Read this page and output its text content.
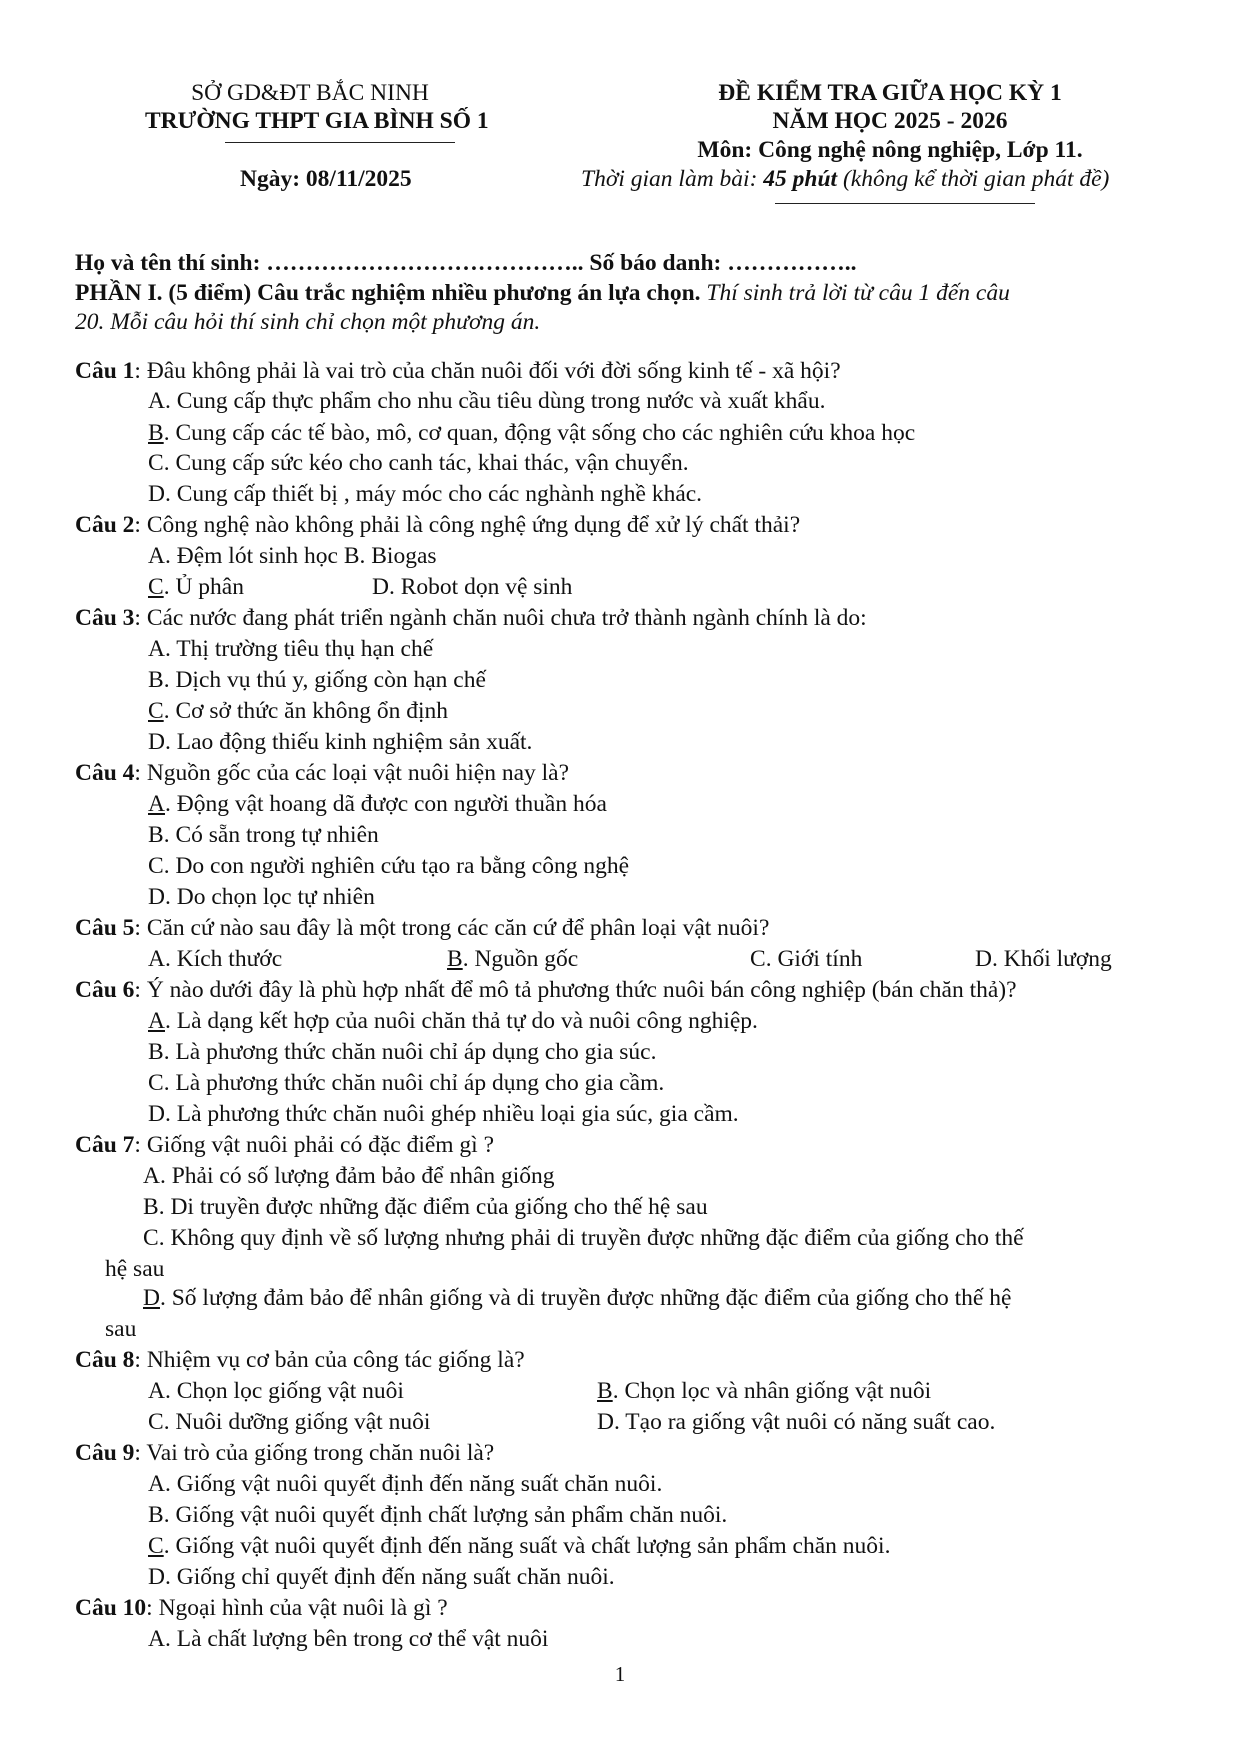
SỞ GD&ĐT BẮC NINH
TRƯỜNG THPT GIA BÌNH SỐ 1
Ngày: 08/11/2025
ĐỀ KIỂM TRA GIỮA HỌC KỲ 1
NĂM HỌC 2025 - 2026
Môn: Công nghệ nông nghiệp, Lớp 11.
Thời gian làm bài: 45 phút (không kể thời gian phát đề)
Họ và tên thí sinh: ………………………………….. Số báo danh: ……………..
PHẦN I. (5 điểm) Câu trắc nghiệm nhiều phương án lựa chọn. Thí sinh trả lời từ câu 1 đến câu
20. Mỗi câu hỏi thí sinh chỉ chọn một phương án.
Câu 1: Đâu không phải là vai trò của chăn nuôi đối với đời sống kinh tế - xã hội?
A. Cung cấp thực phẩm cho nhu cầu tiêu dùng trong nước và xuất khẩu.
B. Cung cấp các tế bào, mô, cơ quan, động vật sống cho các nghiên cứu khoa học
C. Cung cấp sức kéo cho canh tác, khai thác, vận chuyển.
D. Cung cấp thiết bị , máy móc cho các nghành nghề khác.
Câu 2: Công nghệ nào không phải là công nghệ ứng dụng để xử lý chất thải?
A. Đệm lót sinh học B. Biogas
C. Ủ phân	D. Robot dọn vệ sinh
Câu 3: Các nước đang phát triển ngành chăn nuôi chưa trở thành ngành chính là do:
A. Thị trường tiêu thụ hạn chế
B. Dịch vụ thú y, giống còn hạn chế
C. Cơ sở thức ăn không ổn định
D. Lao động thiếu kinh nghiệm sản xuất.
Câu 4: Nguồn gốc của các loại vật nuôi hiện nay là?
A. Động vật hoang dã được con người thuần hóa
B. Có sẵn trong tự nhiên
C. Do con người nghiên cứu tạo ra bằng công nghệ
D. Do chọn lọc tự nhiên
Câu 5: Căn cứ nào sau đây là một trong các căn cứ để phân loại vật nuôi?
A. Kích thước	B. Nguồn gốc	C. Giới tính	D. Khối lượng
Câu 6: Ý nào dưới đây là phù hợp nhất để mô tả phương thức nuôi bán công nghiệp (bán chăn thả)?
A. Là dạng kết hợp của nuôi chăn thả tự do và nuôi công nghiệp.
B. Là phương thức chăn nuôi chỉ áp dụng cho gia súc.
C. Là phương thức chăn nuôi chỉ áp dụng cho gia cầm.
D. Là phương thức chăn nuôi ghép nhiều loại gia súc, gia cầm.
Câu 7: Giống vật nuôi phải có đặc điểm gì ?
A. Phải có số lượng đảm bảo để nhân giống
B. Di truyền được những đặc điểm của giống cho thế hệ sau
C. Không quy định về số lượng nhưng phải di truyền được những đặc điểm của giống cho thế
hệ sau
D. Số lượng đảm bảo để nhân giống và di truyền được những đặc điểm của giống cho thế hệ
sau
Câu 8: Nhiệm vụ cơ bản của công tác giống là?
A. Chọn lọc giống vật nuôi	B. Chọn lọc và nhân giống vật nuôi
C. Nuôi dưỡng giống vật nuôi	D. Tạo ra giống vật nuôi có năng suất cao.
Câu 9: Vai trò của giống trong chăn nuôi là?
A. Giống vật nuôi quyết định đến năng suất chăn nuôi.
B. Giống vật nuôi quyết định chất lượng sản phẩm chăn nuôi.
C. Giống vật nuôi quyết định đến năng suất và chất lượng sản phẩm chăn nuôi.
D. Giống chỉ quyết định đến năng suất chăn nuôi.
Câu 10: Ngoại hình của vật nuôi là gì ?
A. Là chất lượng bên trong cơ thể vật nuôi
1
